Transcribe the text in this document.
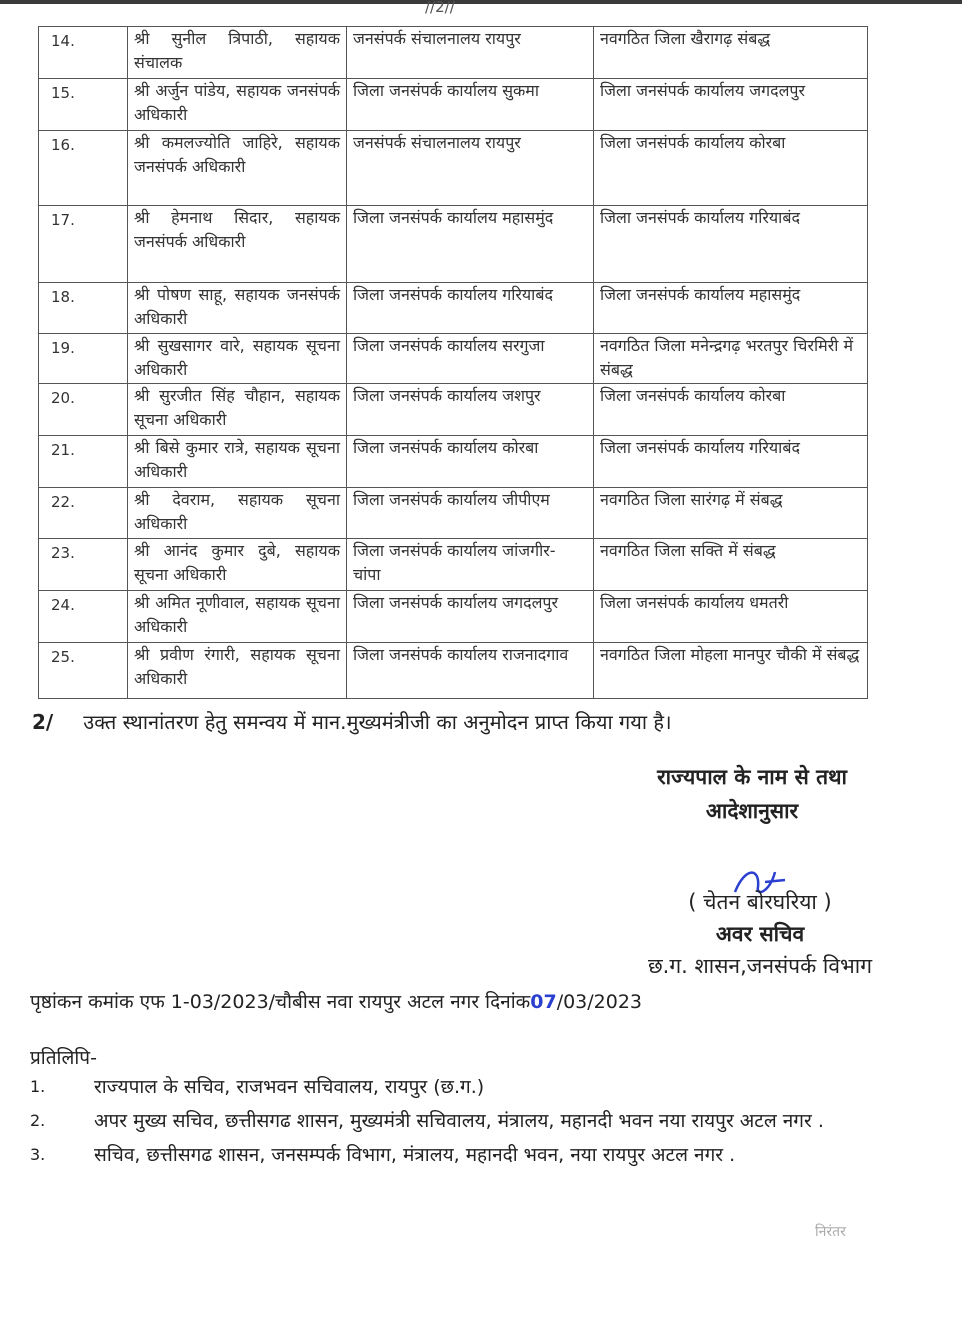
//2//
14.	श्री सुनील त्रिपाठी, सहायक संचालक	जनसंपर्क संचालनालय रायपुर	नवगठित जिला खैरागढ़ संबद्ध
15.	श्री अर्जुन पांडेय, सहायक जनसंपर्क अधिकारी	जिला जनसंपर्क कार्यालय सुकमा	जिला जनसंपर्क कार्यालय जगदलपुर
16.	श्री कमलज्योति जाहिरे, सहायक जनसंपर्क अधिकारी	जनसंपर्क संचालनालय रायपुर	जिला जनसंपर्क कार्यालय कोरबा
17.	श्री हेमनाथ सिदार, सहायक जनसंपर्क अधिकारी	जिला जनसंपर्क कार्यालय महासमुंद	जिला जनसंपर्क कार्यालय गरियाबंद
18.	श्री पोषण साहू, सहायक जनसंपर्क अधिकारी	जिला जनसंपर्क कार्यालय गरियाबंद	जिला जनसंपर्क कार्यालय महासमुंद
19.	श्री सुखसागर वारे, सहायक सूचना अधिकारी	जिला जनसंपर्क कार्यालय सरगुजा	नवगठित जिला मनेन्द्रगढ़ भरतपुर चिरमिरी में संबद्ध
20.	श्री सुरजीत सिंह चौहान, सहायक सूचना अधिकारी	जिला जनसंपर्क कार्यालय जशपुर	जिला जनसंपर्क कार्यालय कोरबा
21.	श्री बिसे कुमार रात्रे, सहायक सूचना अधिकारी	जिला जनसंपर्क कार्यालय कोरबा	जिला जनसंपर्क कार्यालय गरियाबंद
22.	श्री देवराम, सहायक सूचना अधिकारी	जिला जनसंपर्क कार्यालय जीपीएम	नवगठित जिला सारंगढ़ में संबद्ध
23.	श्री आनंद कुमार दुबे, सहायक सूचना अधिकारी	जिला जनसंपर्क कार्यालय जांजगीर- चांपा	नवगठित जिला सक्ति में संबद्ध
24.	श्री अमित नूणीवाल, सहायक सूचना अधिकारी	जिला जनसंपर्क कार्यालय जगदलपुर	जिला जनसंपर्क कार्यालय धमतरी
25.	श्री प्रवीण रंगारी, सहायक सूचना अधिकारी	जिला जनसंपर्क कार्यालय राजनादगाव	नवगठित जिला मोहला मानपुर चौकी में संबद्ध
2/ उक्त स्थानांतरण हेतु समन्वय में मान.मुख्यमंत्रीजी का अनुमोदन प्राप्त किया गया है।
राज्यपाल के नाम से तथा
आदेशानुसार
( चेतन बोरघरिया )
अवर सचिव
छ.ग. शासन,जनसंपर्क विभाग
पृष्ठांकन कमांक एफ 1-03/2023/चौबीस नवा रायपुर अटल नगर दिनांक07/03/2023
प्रतिलिपि-
1.	राज्यपाल के सचिव, राजभवन सचिवालय, रायपुर (छ.ग.)
2.	अपर मुख्य सचिव, छत्तीसगढ शासन, मुख्यमंत्री सचिवालय, मंत्रालय, महानदी भवन नया रायपुर अटल नगर .
3.	सचिव, छत्तीसगढ शासन, जनसम्पर्क विभाग, मंत्रालय, महानदी भवन, नया रायपुर अटल नगर .
निरंतर
